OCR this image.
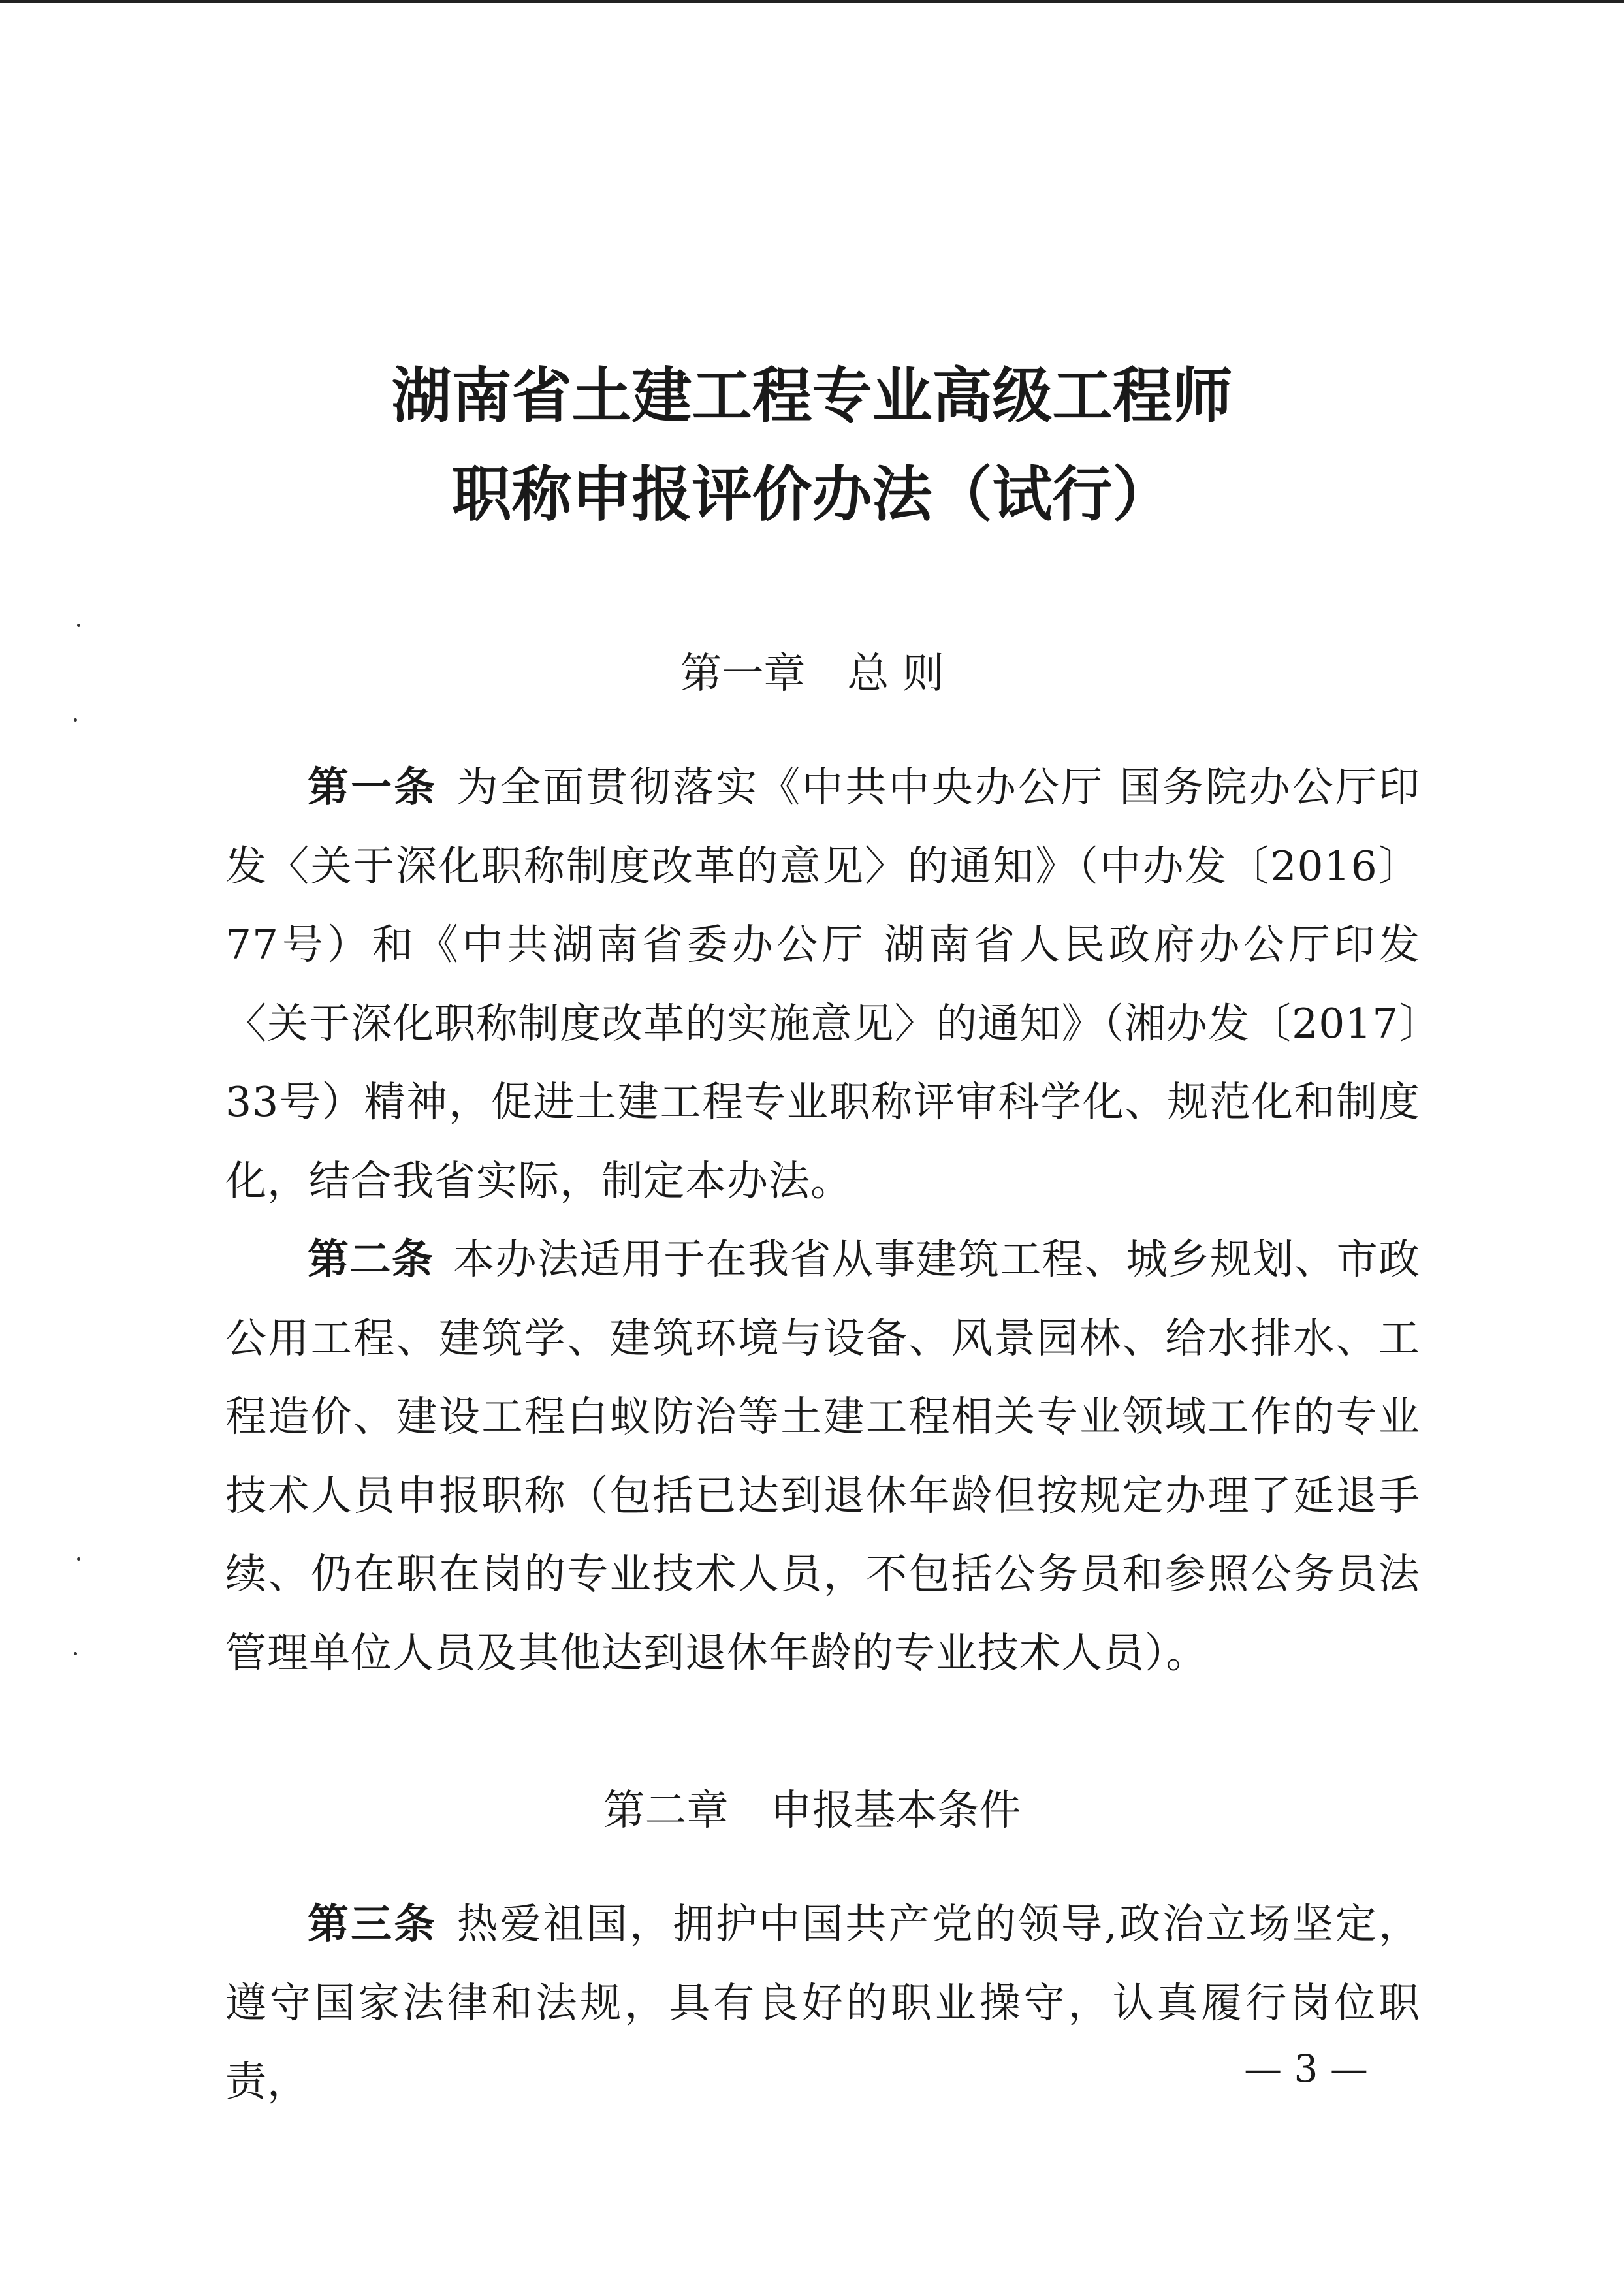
湖南省土建工程专业高级工程师
职称申报评价办法（试行）
第一章　总 则

第一条 为全面贯彻落实《中共中央办公厅 国务院办公厅印发〈关于深化职称制度改革的意见〉的通知》（中办发〔2016〕77号）和《中共湖南省委办公厅 湖南省人民政府办公厅印发〈关于深化职称制度改革的实施意见〉的通知》（湘办发〔2017〕33号）精神，促进土建工程专业职称评审科学化、规范化和制度化，结合我省实际，制定本办法。

第二条 本办法适用于在我省从事建筑工程、城乡规划、市政公用工程、建筑学、建筑环境与设备、风景园林、给水排水、工程造价、建设工程白蚁防治等土建工程相关专业领域工作的专业技术人员申报职称（包括已达到退休年龄但按规定办理了延退手续、仍在职在岗的专业技术人员，不包括公务员和参照公务员法管理单位人员及其他达到退休年龄的专业技术人员）。

第二章　申报基本条件

第三条 热爱祖国，拥护中国共产党的领导,政治立场坚定，遵守国家法律和法规，具有良好的职业操守，认真履行岗位职责，	— 3 —
